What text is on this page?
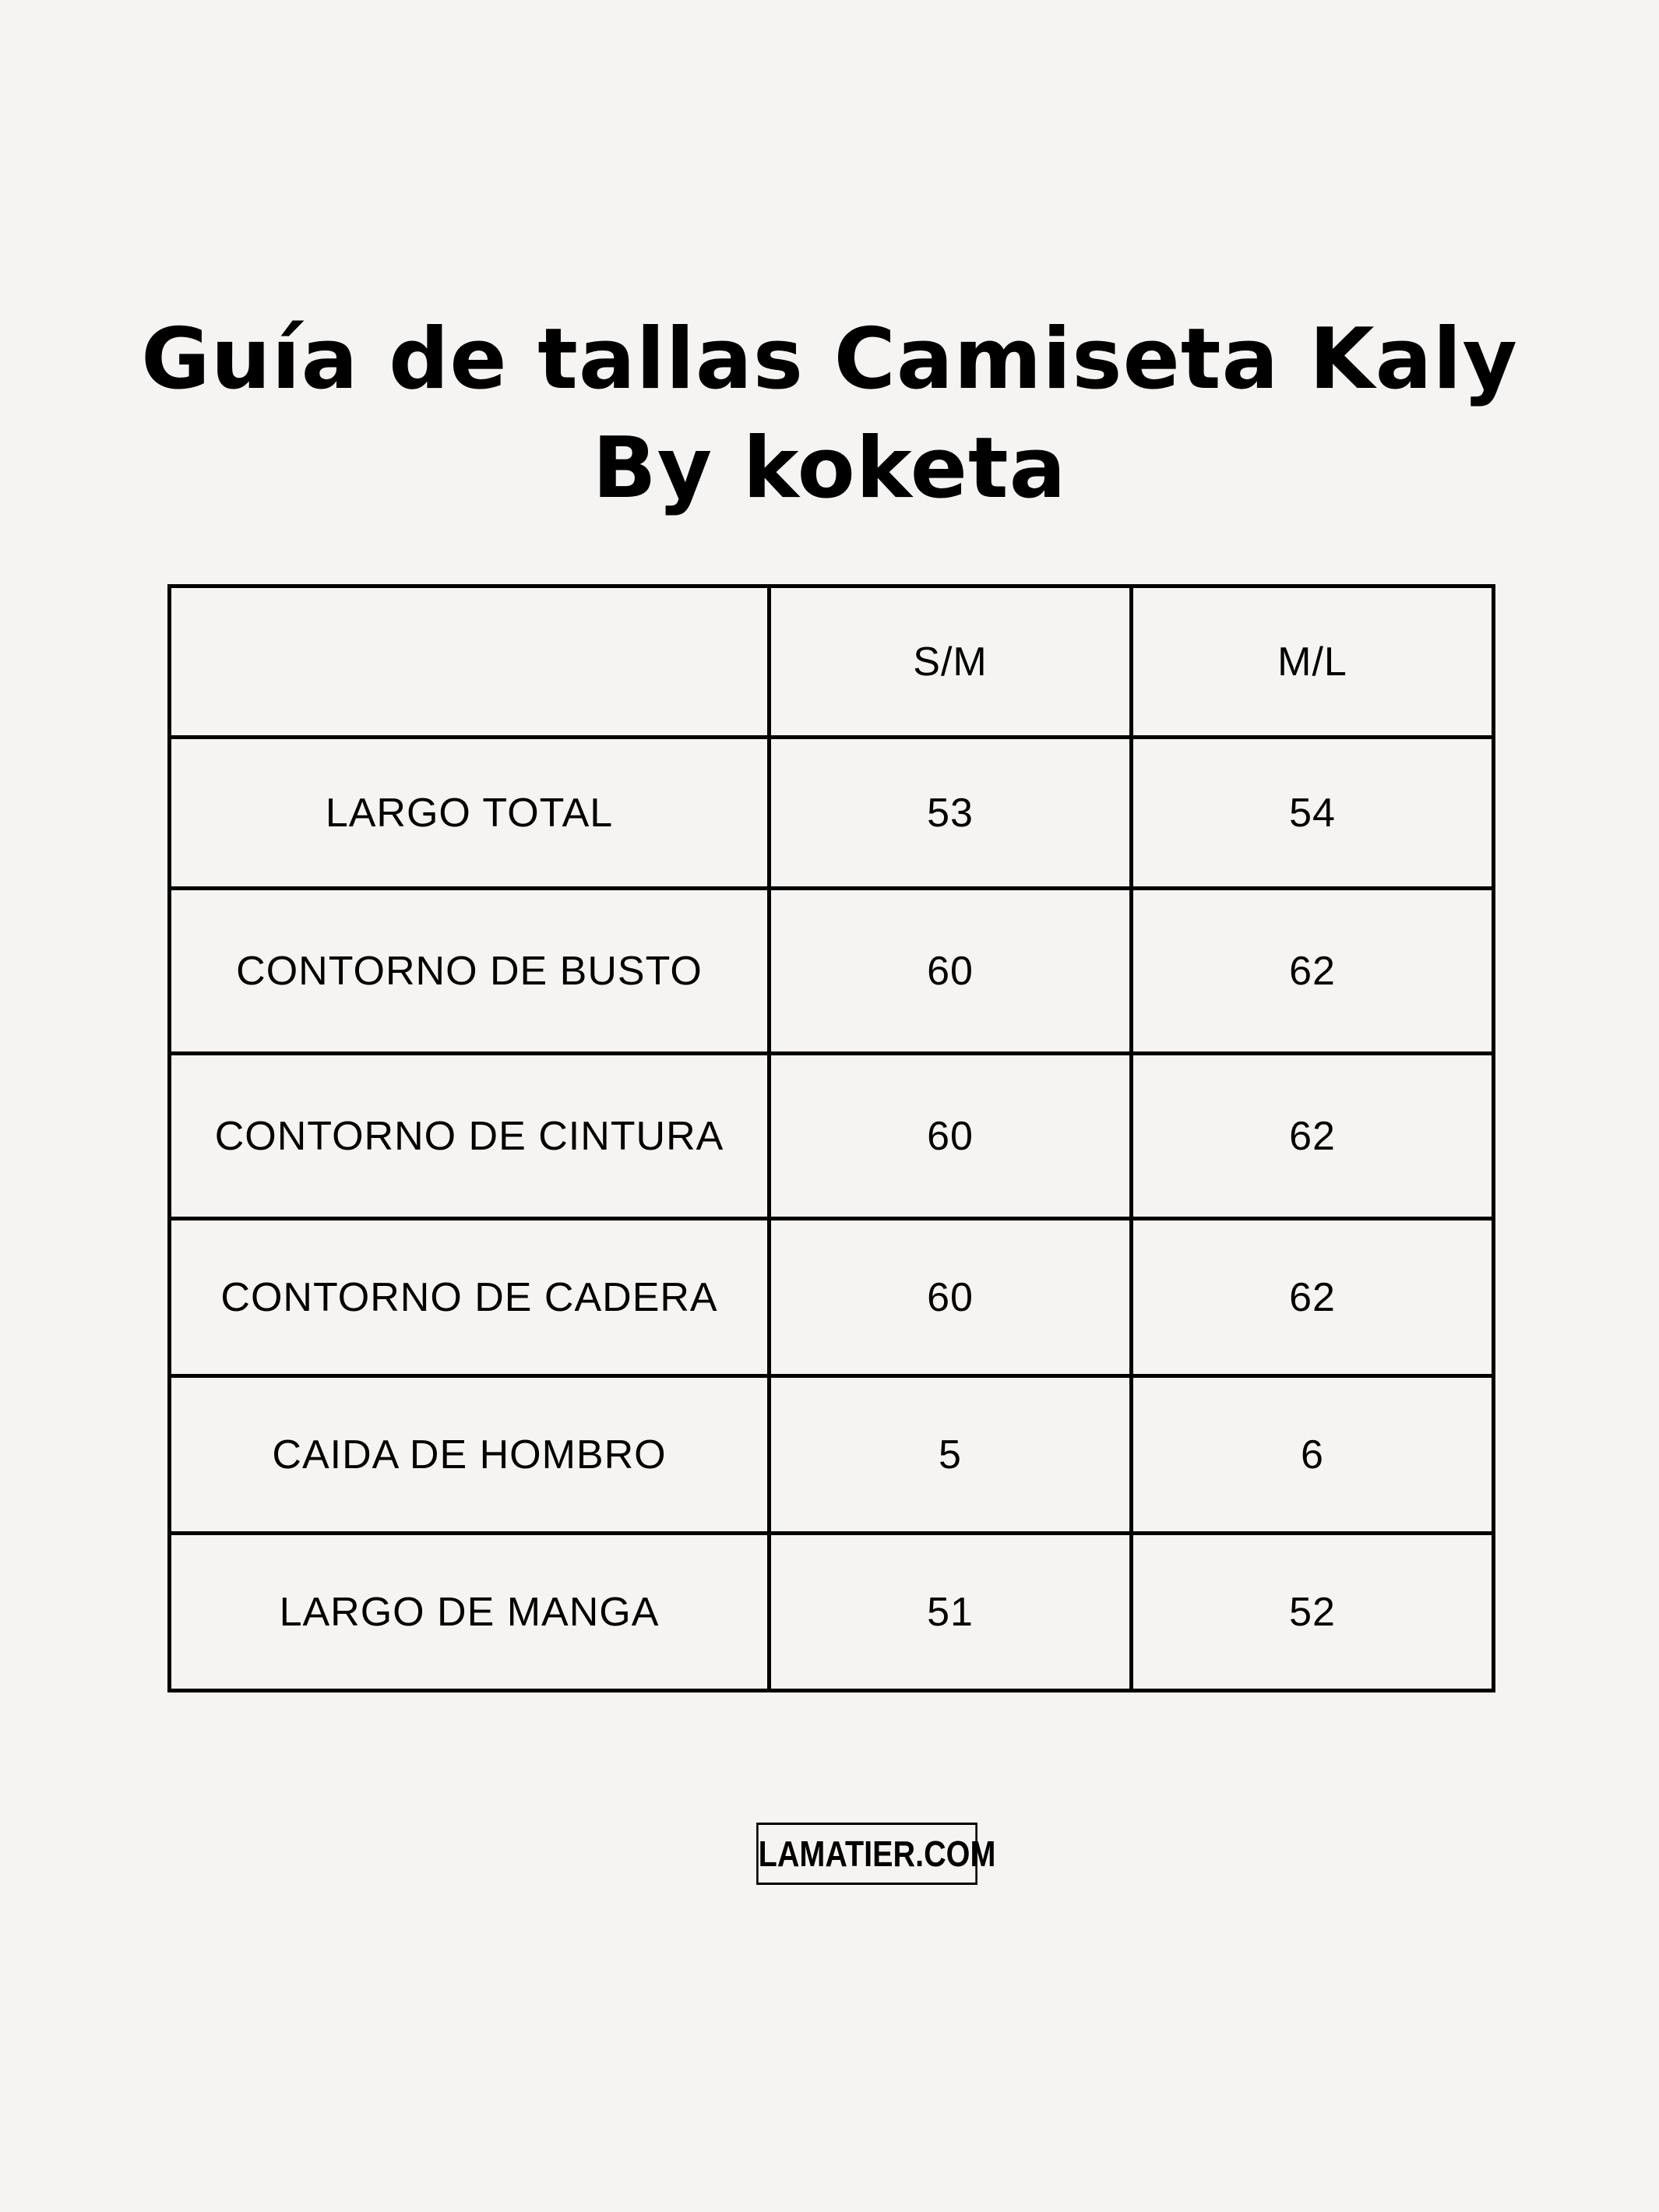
Guía de tallas Camiseta Kaly
By koketa
	S/M	M/L
LARGO TOTAL	53	54
CONTORNO DE BUSTO	60	62
CONTORNO DE CINTURA	60	62
CONTORNO DE CADERA	60	62
CAIDA DE HOMBRO	5	6
LARGO DE MANGA	51	52
LAMATIER.COM
